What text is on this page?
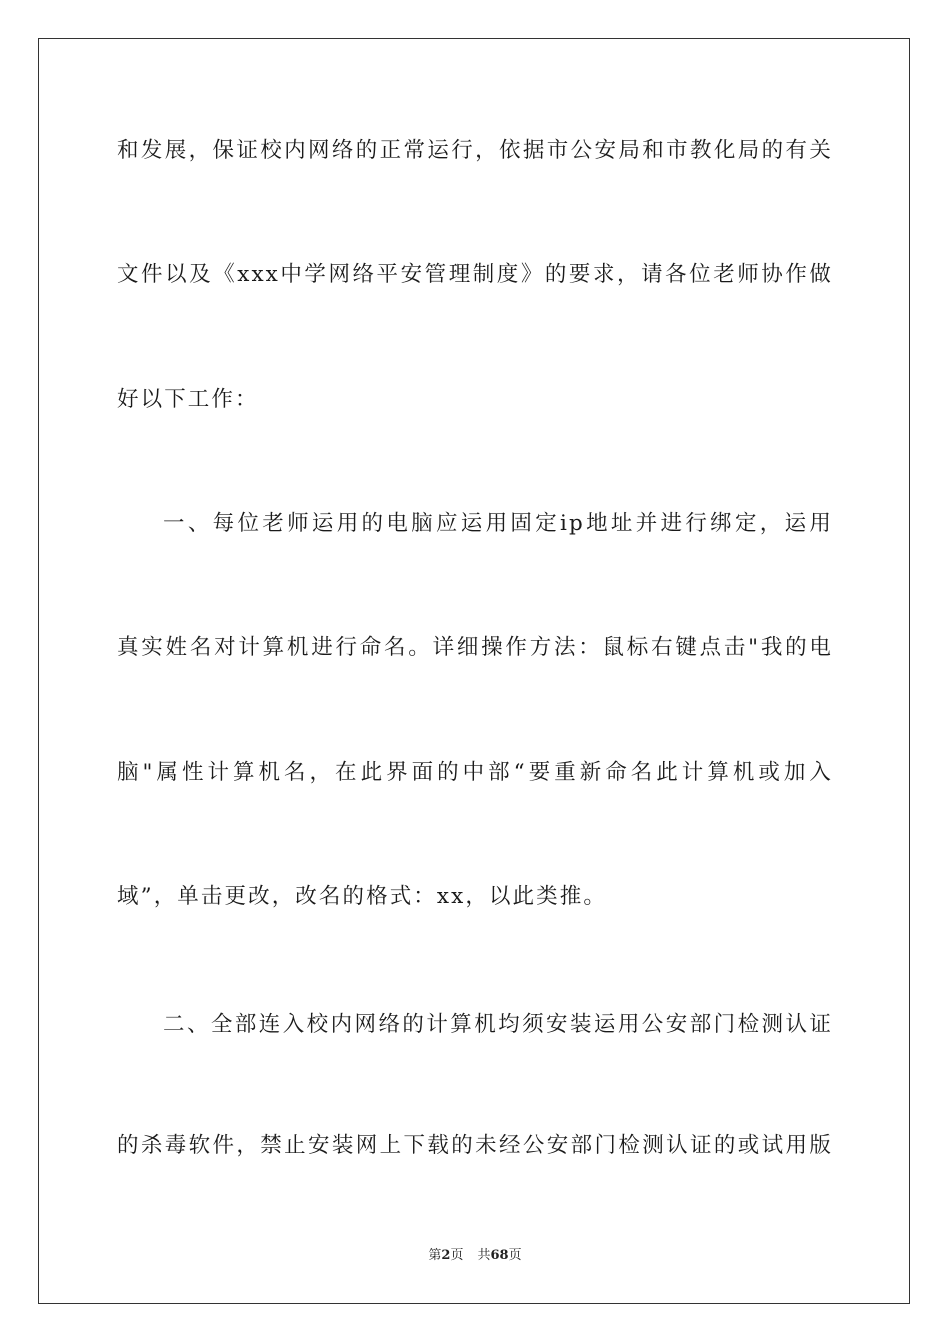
和发展，保证校内网络的正常运行，依据市公安局和市教化局的有关
文件以及《xxx中学网络平安管理制度》的要求，请各位老师协作做
好以下工作：
一、每位老师运用的电脑应运用固定ip地址并进行绑定，运用
真实姓名对计算机进行命名。详细操作方法：鼠标右键点击"我的电
脑"属性计算机名，在此界面的中部“要重新命名此计算机或加入
域”，单击更改，改名的格式：xx，以此类推。
二、全部连入校内网络的计算机均须安装运用公安部门检测认证
的杀毒软件，禁止安装网上下载的未经公安部门检测认证的或试用版
第2页 共68页
